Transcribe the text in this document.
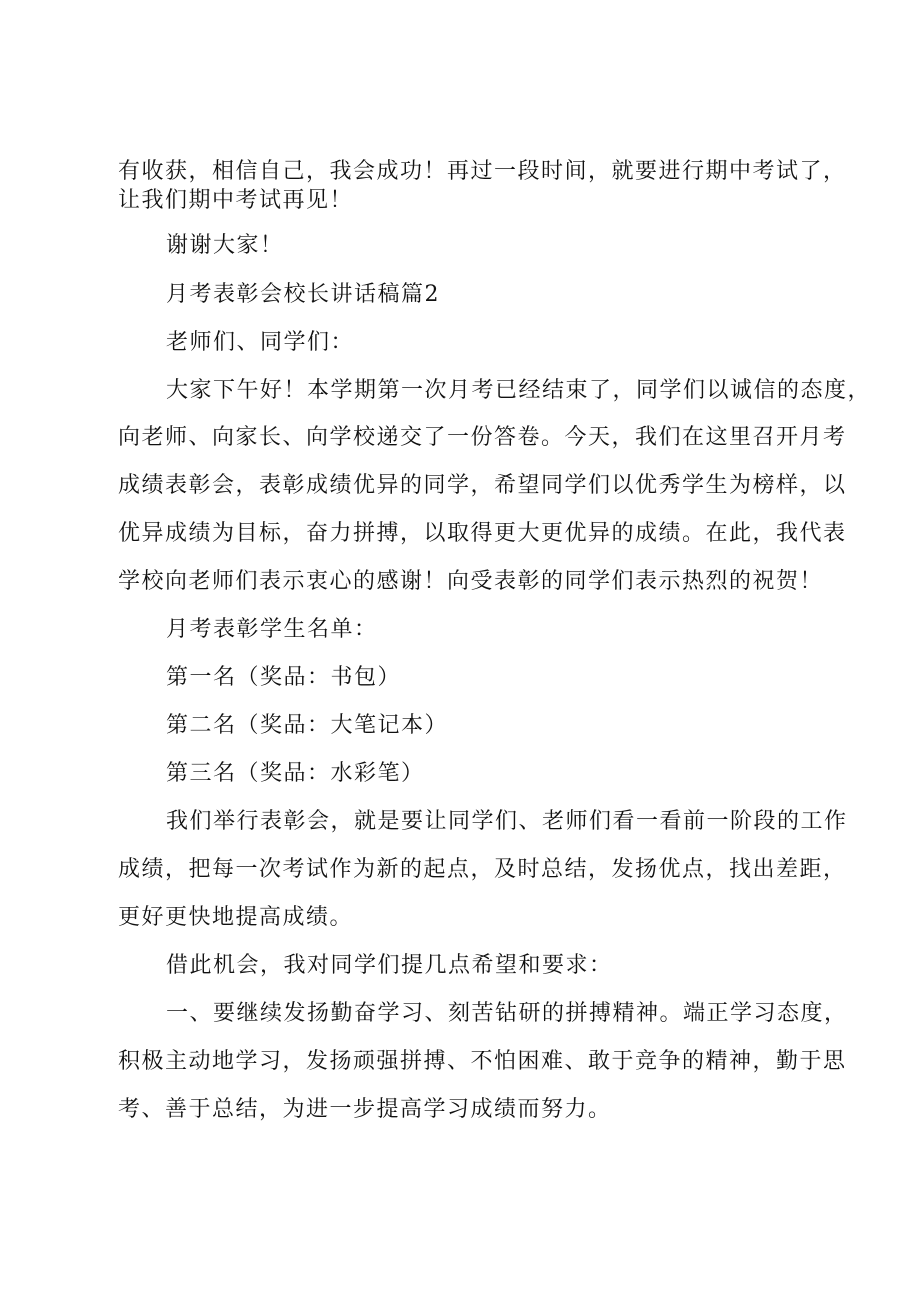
有收获，相信自己，我会成功！再过一段时间，就要进行期中考试了，
让我们期中考试再见！
谢谢大家！
月考表彰会校长讲话稿篇2
老师们、同学们：
大家下午好！本学期第一次月考已经结束了，同学们以诚信的态度，
向老师、向家长、向学校递交了一份答卷。今天，我们在这里召开月考
成绩表彰会，表彰成绩优异的同学，希望同学们以优秀学生为榜样，以
优异成绩为目标，奋力拼搏，以取得更大更优异的成绩。在此，我代表
学校向老师们表示衷心的感谢！向受表彰的同学们表示热烈的祝贺！
月考表彰学生名单：
第一名（奖品：书包）
第二名（奖品：大笔记本）
第三名（奖品：水彩笔）
我们举行表彰会，就是要让同学们、老师们看一看前一阶段的工作
成绩，把每一次考试作为新的起点，及时总结，发扬优点，找出差距，
更好更快地提高成绩。
借此机会，我对同学们提几点希望和要求：
一、要继续发扬勤奋学习、刻苦钻研的拼搏精神。端正学习态度，
积极主动地学习，发扬顽强拼搏、不怕困难、敢于竞争的精神，勤于思
考、善于总结，为进一步提高学习成绩而努力。
